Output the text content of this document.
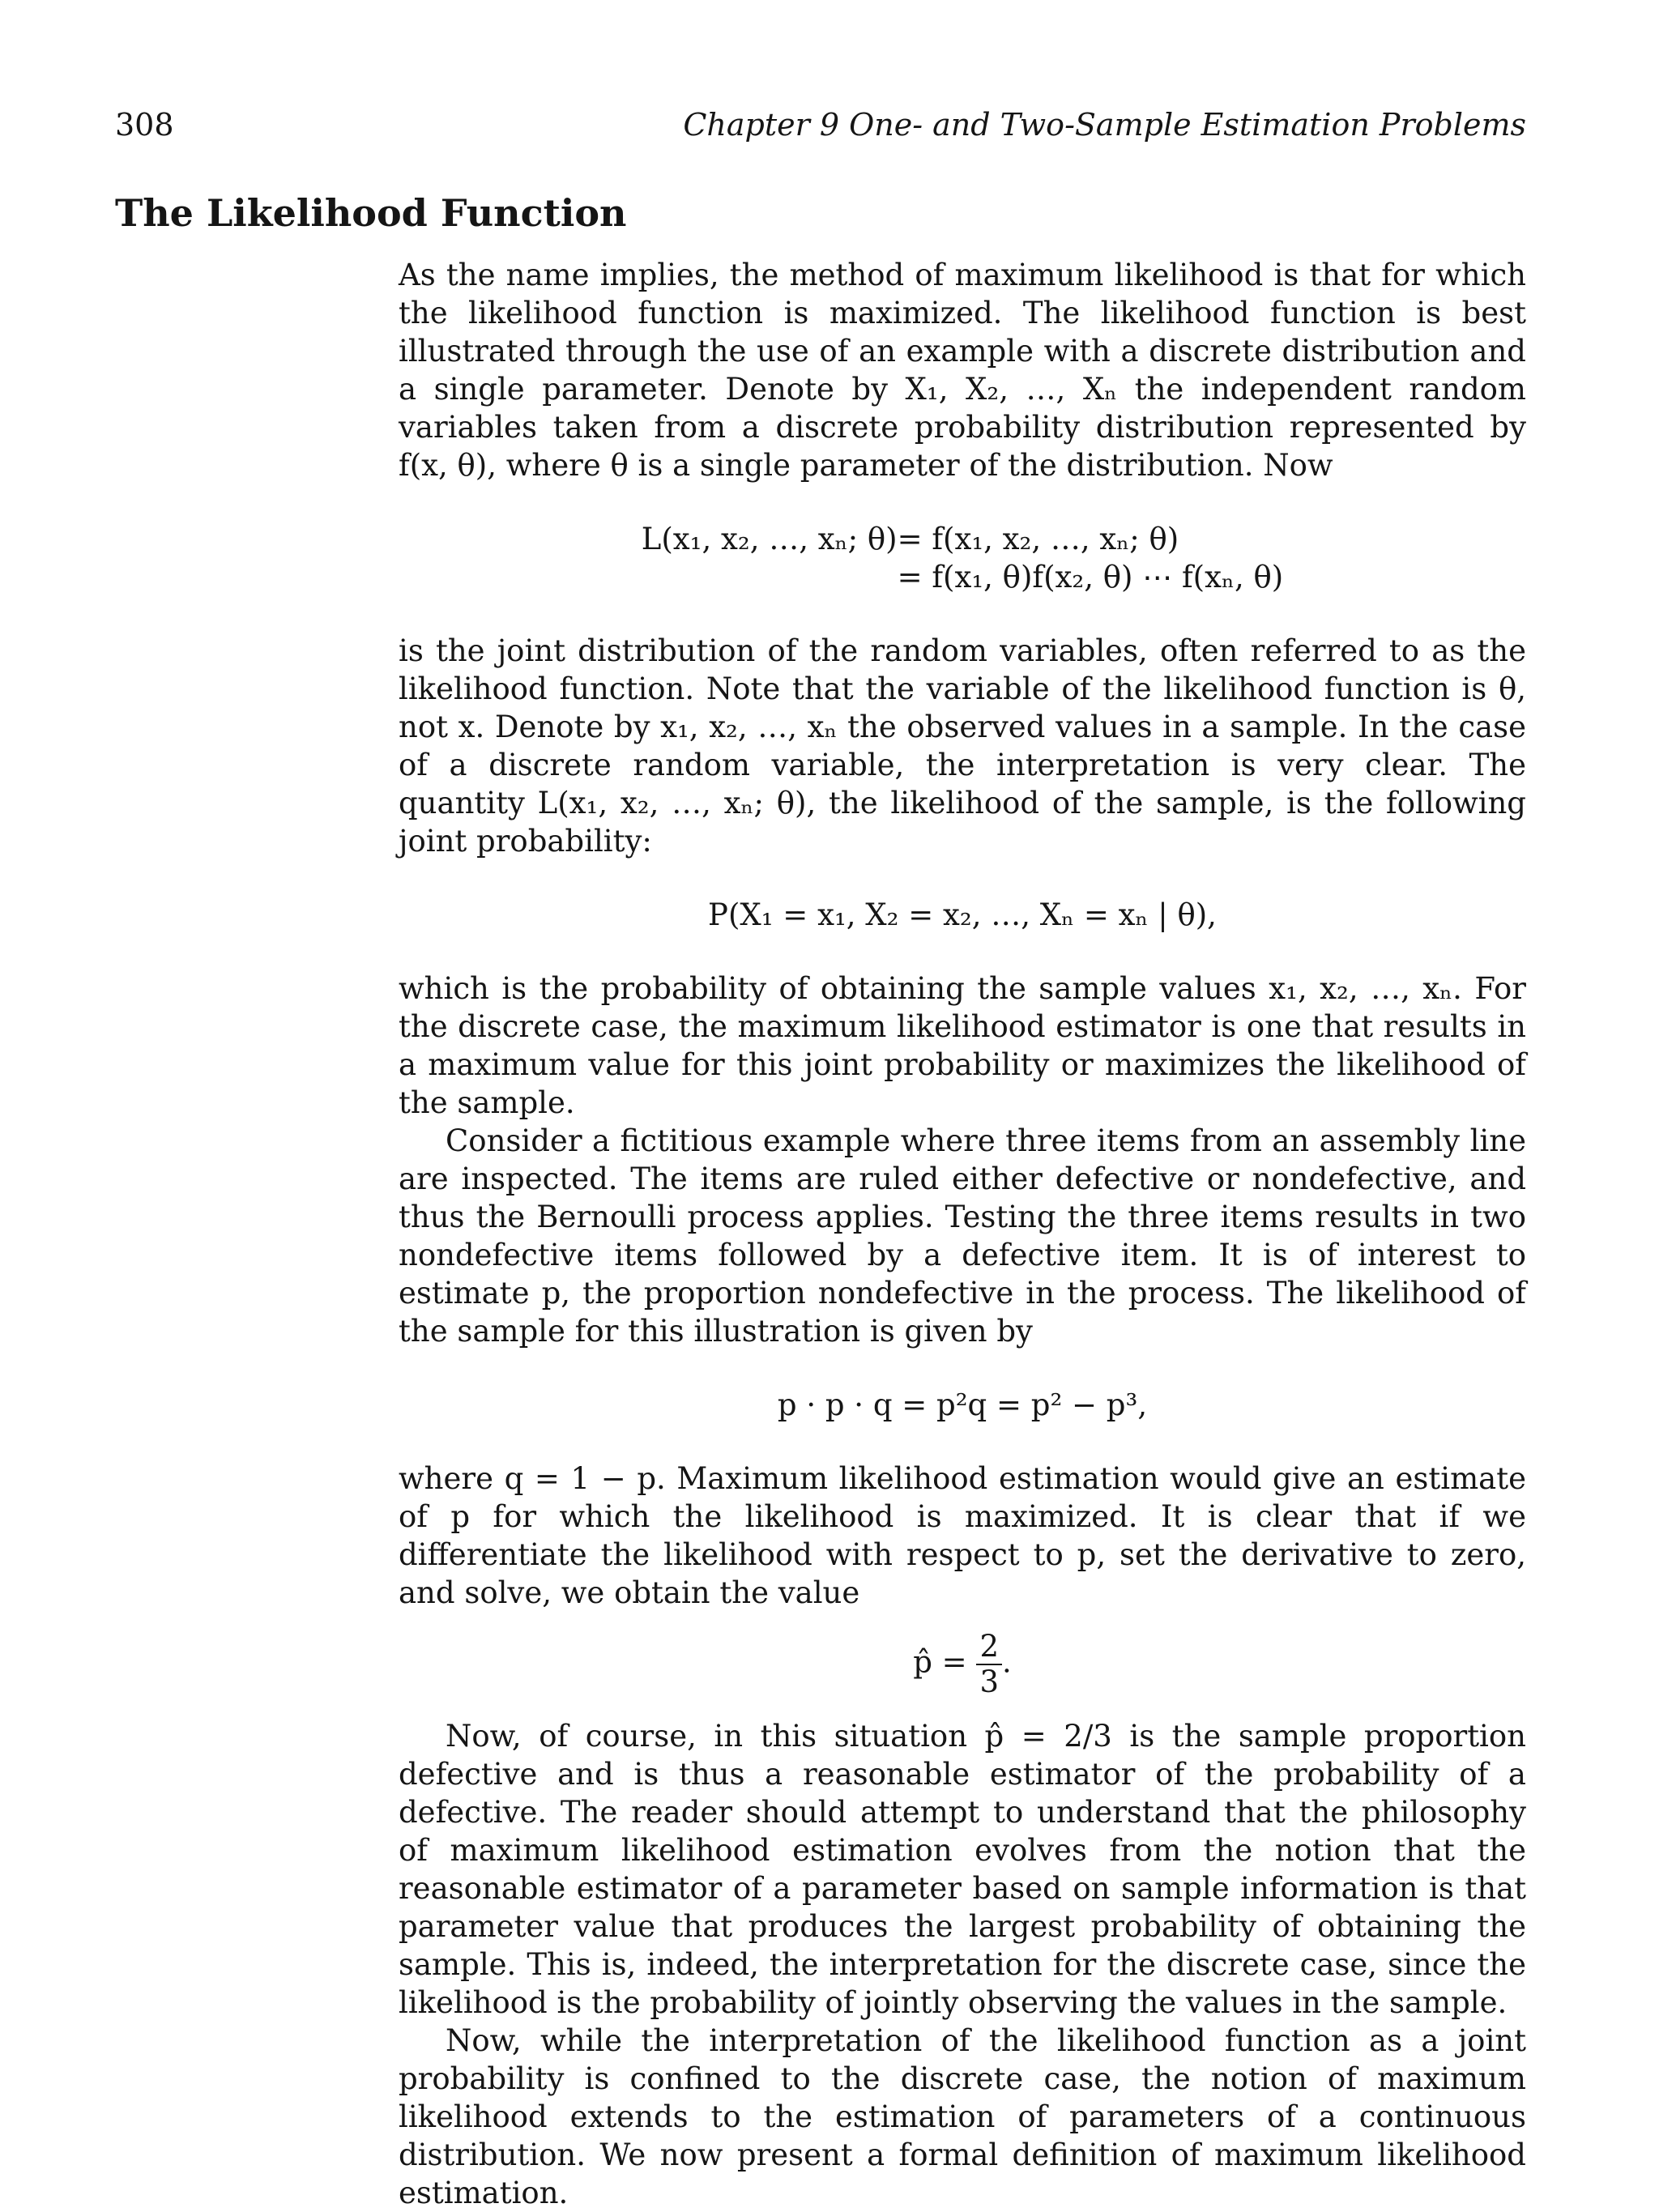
308	Chapter 9 One- and Two-Sample Estimation Problems
The Likelihood Function

As the name implies, the method of maximum likelihood is that for which the likelihood function is maximized. The likelihood function is best illustrated through the use of an example with a discrete distribution and a single parameter. Denote by X₁, X₂, …, Xₙ the independent random variables taken from a discrete probability distribution represented by f(x, θ), where θ is a single parameter of the distribution. Now

L(x₁, x₂, …, xₙ; θ)	= f(x₁, x₂, …, xₙ; θ)
	= f(x₁, θ)f(x₂, θ) ⋯ f(xₙ, θ)

is the joint distribution of the random variables, often referred to as the likelihood function. Note that the variable of the likelihood function is θ, not x. Denote by x₁, x₂, …, xₙ the observed values in a sample. In the case of a discrete random variable, the interpretation is very clear. The quantity L(x₁, x₂, …, xₙ; θ), the likelihood of the sample, is the following joint probability:

P(X₁ = x₁, X₂ = x₂, …, Xₙ = xₙ | θ),

which is the probability of obtaining the sample values x₁, x₂, …, xₙ. For the discrete case, the maximum likelihood estimator is one that results in a maximum value for this joint probability or maximizes the likelihood of the sample.

Consider a fictitious example where three items from an assembly line are inspected. The items are ruled either defective or nondefective, and thus the Bernoulli process applies. Testing the three items results in two nondefective items followed by a defective item. It is of interest to estimate p, the proportion nondefective in the process. The likelihood of the sample for this illustration is given by

p · p · q = p²q = p² − p³,

where q = 1 − p. Maximum likelihood estimation would give an estimate of p for which the likelihood is maximized. It is clear that if we differentiate the likelihood with respect to p, set the derivative to zero, and solve, we obtain the value

p̂ = $\frac{2}{3}$ .

Now, of course, in this situation p̂ = 2/3 is the sample proportion defective and is thus a reasonable estimator of the probability of a defective. The reader should attempt to understand that the philosophy of maximum likelihood estimation evolves from the notion that the reasonable estimator of a parameter based on sample information is that parameter value that produces the largest probability of obtaining the sample. This is, indeed, the interpretation for the discrete case, since the likelihood is the probability of jointly observing the values in the sample.

Now, while the interpretation of the likelihood function as a joint probability is confined to the discrete case, the notion of maximum likelihood extends to the estimation of parameters of a continuous distribution. We now present a formal definition of maximum likelihood estimation.
